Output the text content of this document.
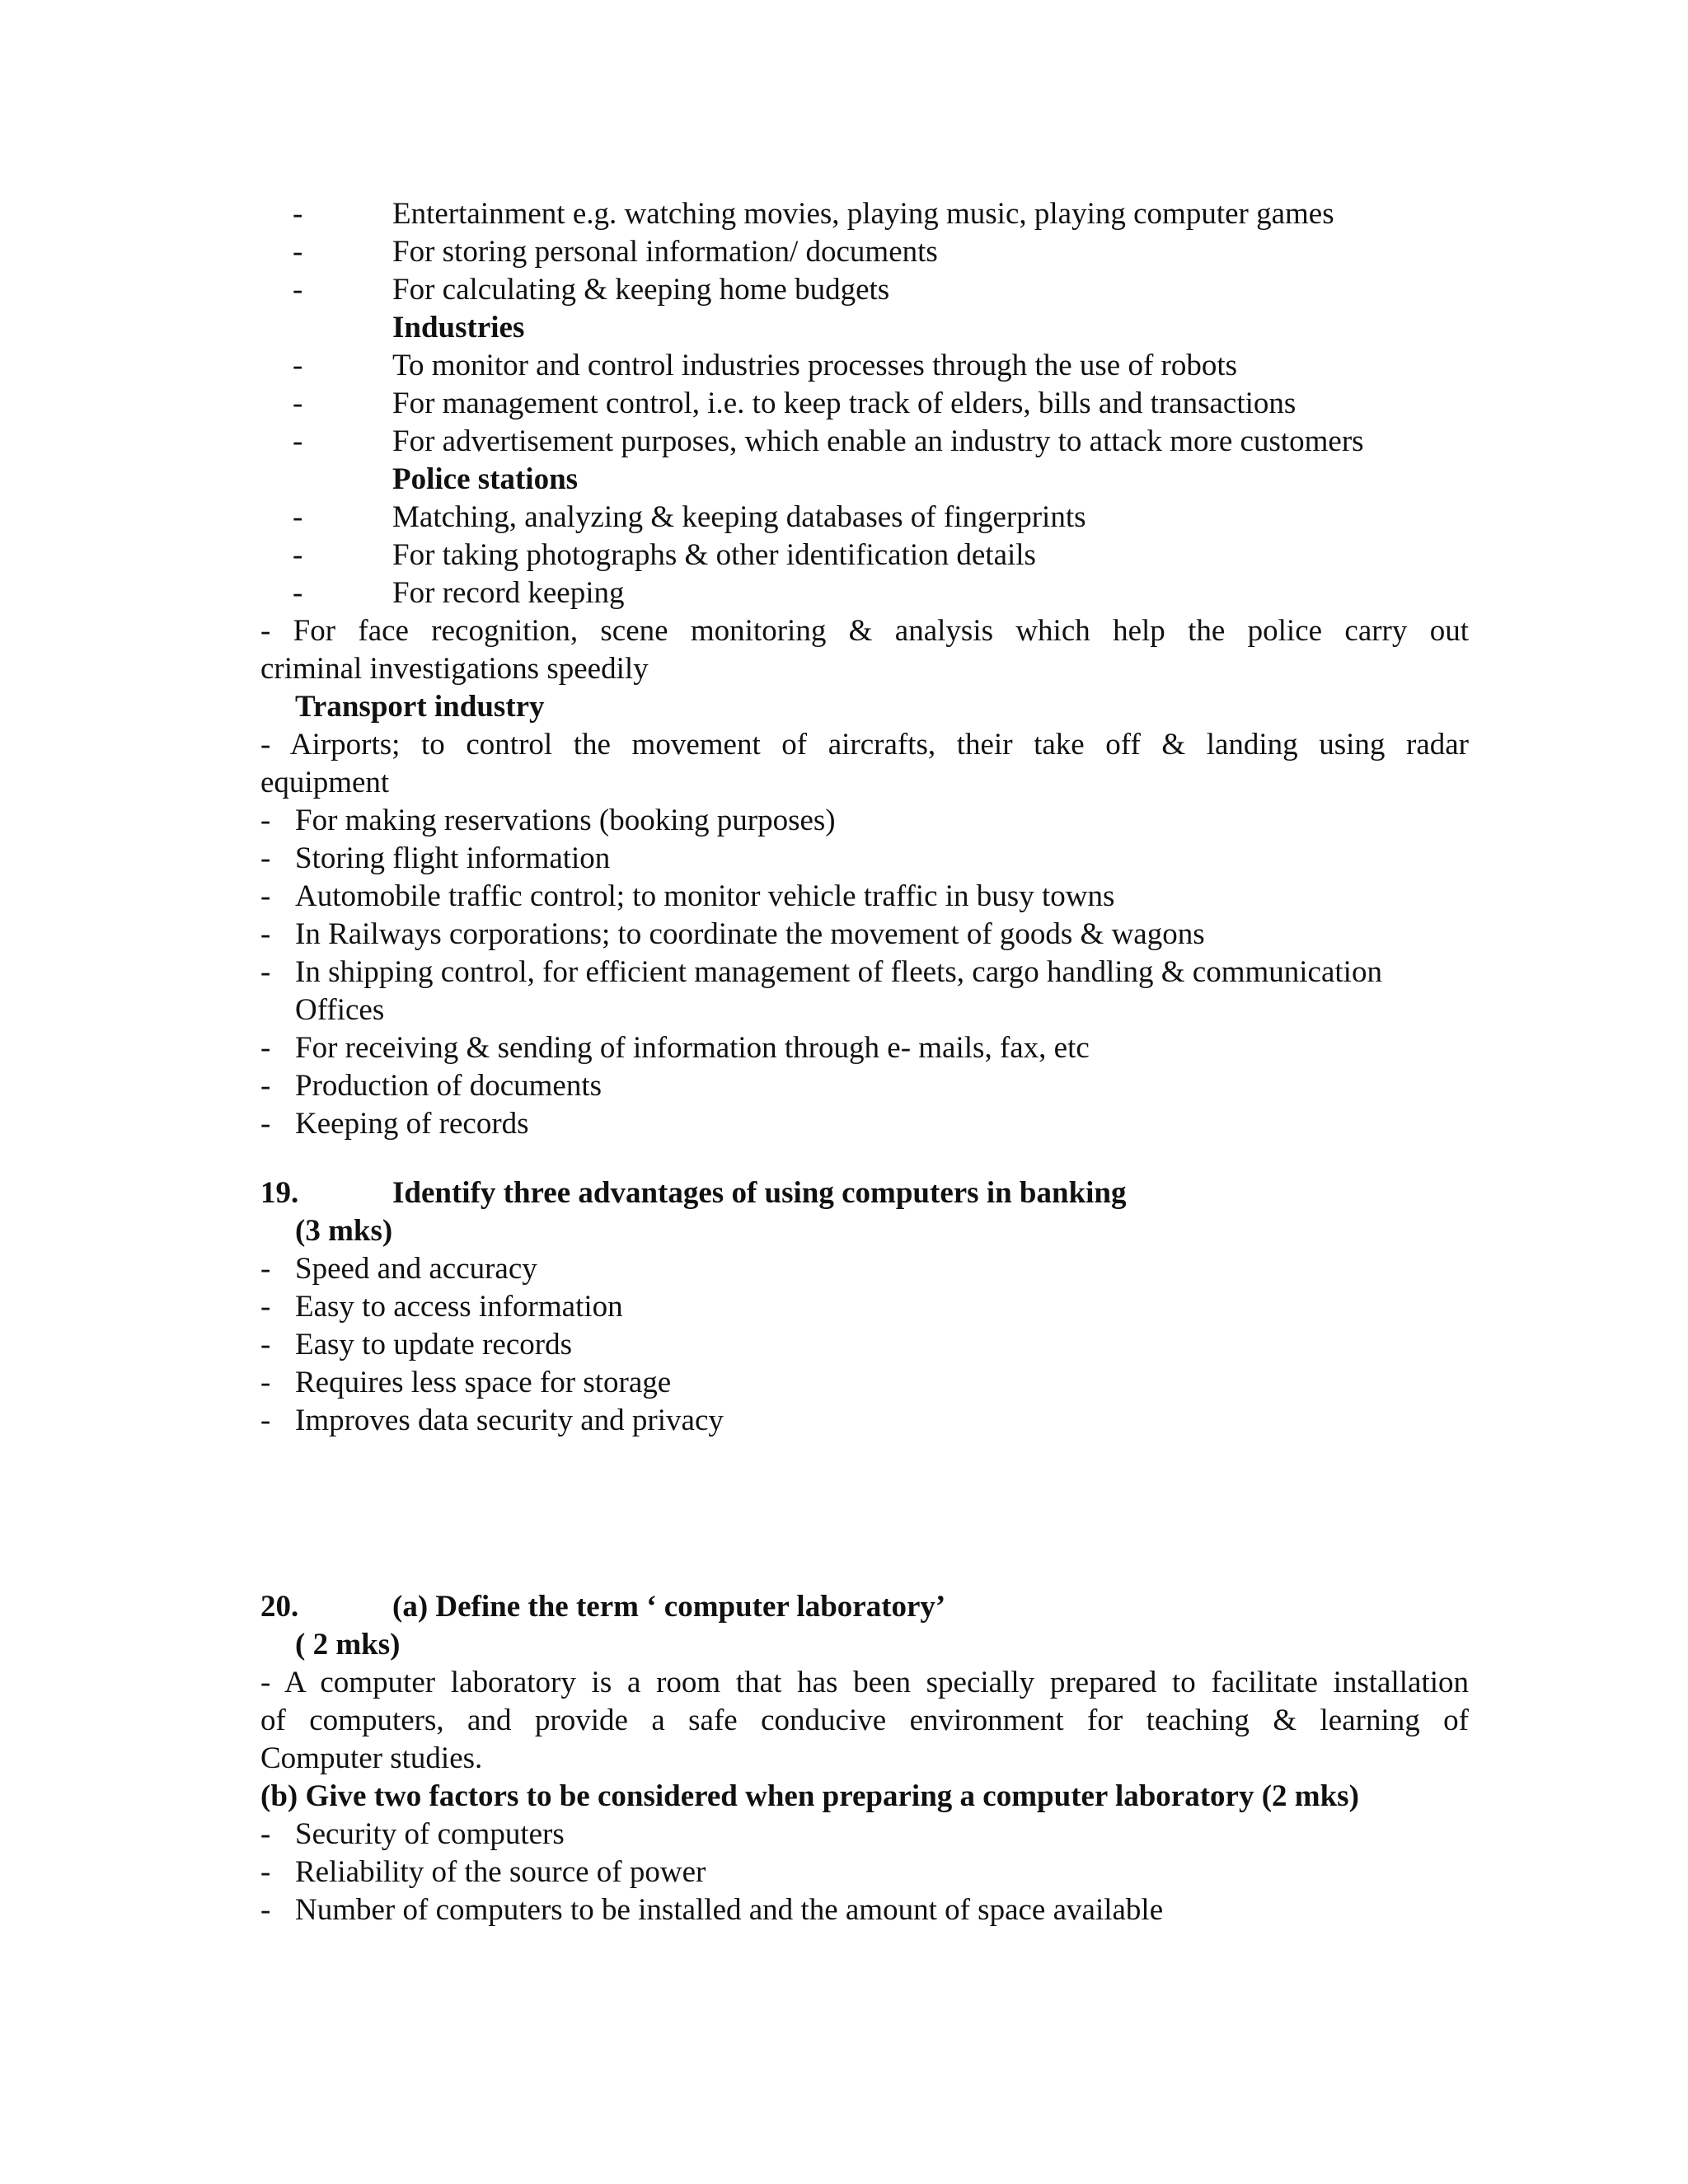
-	Entertainment e.g. watching movies, playing music, playing computer games
-	For storing personal information/ documents
-	For calculating & keeping home budgets
Industries
-	To monitor and control industries processes through the use of robots
-	For management control, i.e. to keep track of elders, bills and transactions
-	For advertisement purposes, which enable an industry to attack more customers
Police stations
-	Matching, analyzing & keeping databases of fingerprints
-	For taking photographs & other identification details
-	For record keeping
- For face recognition, scene monitoring & analysis which help the police carry out
criminal investigations speedily
Transport industry
- Airports; to control the movement of aircrafts, their take off & landing using radar
equipment
- For making reservations (booking purposes)
- Storing flight information
- Automobile traffic control; to monitor vehicle traffic in busy towns
- In Railways corporations; to coordinate the movement of goods & wagons
- In shipping control, for efficient management of fleets, cargo handling & communication
Offices
- For receiving & sending of information through e- mails, fax, etc
- Production of documents
- Keeping of records
19.	Identify three advantages of using computers in banking
(3 mks)
- Speed and accuracy
- Easy to access information
- Easy to update records
- Requires less space for storage
- Improves data security and privacy
20.	(a) Define the term ‘ computer laboratory’
( 2 mks)
- A computer laboratory is a room that has been specially prepared to facilitate installation
of computers, and provide a safe conducive environment for teaching & learning of
Computer studies.
(b) Give two factors to be considered when preparing a computer laboratory (2 mks)
- Security of computers
- Reliability of the source of power
- Number of computers to be installed and the amount of space available
